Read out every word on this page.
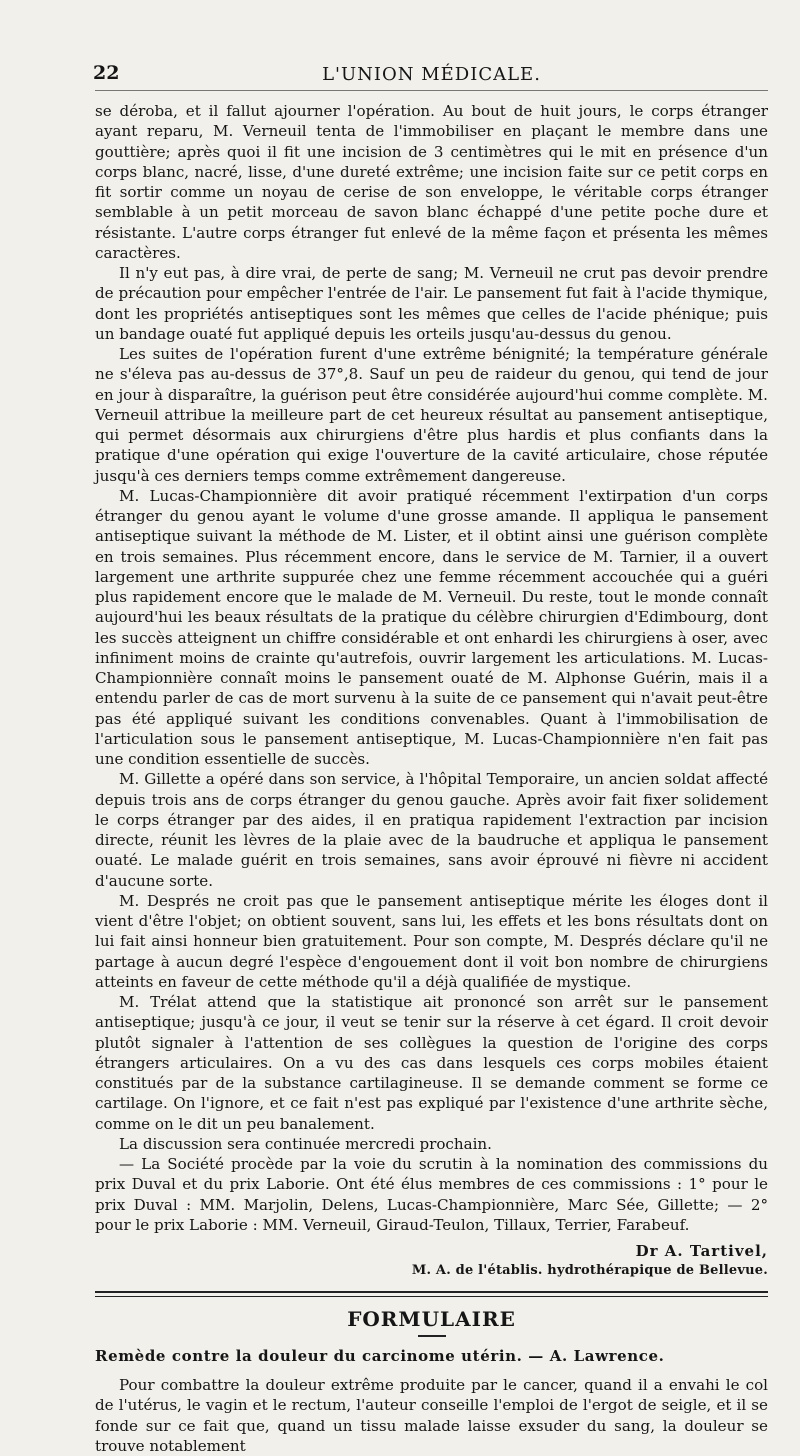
22	L'UNION MÉDICALE.

se déroba, et il fallut ajourner l'opération. Au bout de huit jours, le corps étranger ayant reparu, M. Verneuil tenta de l'immobiliser en plaçant le membre dans une gouttière; après quoi il fit une incision de 3 centimètres qui le mit en présence d'un corps blanc, nacré, lisse, d'une dureté extrême; une incision faite sur ce petit corps en fit sortir comme un noyau de cerise de son enveloppe, le véritable corps étranger semblable à un petit morceau de savon blanc échappé d'une petite poche dure et résistante. L'autre corps étranger fut enlevé de la même façon et présenta les mêmes caractères.

Il n'y eut pas, à dire vrai, de perte de sang; M. Verneuil ne crut pas devoir prendre de précaution pour empêcher l'entrée de l'air. Le pansement fut fait à l'acide thymique, dont les propriétés antiseptiques sont les mêmes que celles de l'acide phénique; puis un bandage ouaté fut appliqué depuis les orteils jusqu'au-dessus du genou.

Les suites de l'opération furent d'une extrême bénignité; la température générale ne s'éleva pas au-dessus de 37°,8. Sauf un peu de raideur du genou, qui tend de jour en jour à disparaître, la guérison peut être considérée aujourd'hui comme complète. M. Verneuil attribue la meilleure part de cet heureux résultat au pansement antiseptique, qui permet désormais aux chirurgiens d'être plus hardis et plus confiants dans la pratique d'une opération qui exige l'ouverture de la cavité articulaire, chose réputée jusqu'à ces derniers temps comme extrêmement dangereuse.

M. Lucas-Championnière dit avoir pratiqué récemment l'extirpation d'un corps étranger du genou ayant le volume d'une grosse amande. Il appliqua le pansement antiseptique suivant la méthode de M. Lister, et il obtint ainsi une guérison complète en trois semaines. Plus récemment encore, dans le service de M. Tarnier, il a ouvert largement une arthrite suppurée chez une femme récemment accouchée qui a guéri plus rapidement encore que le malade de M. Verneuil. Du reste, tout le monde connaît aujourd'hui les beaux résultats de la pratique du célèbre chirurgien d'Edimbourg, dont les succès atteignent un chiffre considérable et ont enhardi les chirurgiens à oser, avec infiniment moins de crainte qu'autrefois, ouvrir largement les articulations. M. Lucas-Championnière connaît moins le pansement ouaté de M. Alphonse Guérin, mais il a entendu parler de cas de mort survenu à la suite de ce pansement qui n'avait peut-être pas été appliqué suivant les conditions convenables. Quant à l'immobilisation de l'articulation sous le pansement antiseptique, M. Lucas-Championnière n'en fait pas une condition essentielle de succès.

M. Gillette a opéré dans son service, à l'hôpital Temporaire, un ancien soldat affecté depuis trois ans de corps étranger du genou gauche. Après avoir fait fixer solidement le corps étranger par des aides, il en pratiqua rapidement l'extraction par incision directe, réunit les lèvres de la plaie avec de la baudruche et appliqua le pansement ouaté. Le malade guérit en trois semaines, sans avoir éprouvé ni fièvre ni accident d'aucune sorte.

M. Després ne croit pas que le pansement antiseptique mérite les éloges dont il vient d'être l'objet; on obtient souvent, sans lui, les effets et les bons résultats dont on lui fait ainsi honneur bien gratuitement. Pour son compte, M. Després déclare qu'il ne partage à aucun degré l'espèce d'engouement dont il voit bon nombre de chirurgiens atteints en faveur de cette méthode qu'il a déjà qualifiée de mystique.

M. Trélat attend que la statistique ait prononcé son arrêt sur le pansement antiseptique; jusqu'à ce jour, il veut se tenir sur la réserve à cet égard. Il croit devoir plutôt signaler à l'attention de ses collègues la question de l'origine des corps étrangers articulaires. On a vu des cas dans lesquels ces corps mobiles étaient constitués par de la substance cartilagineuse. Il se demande comment se forme ce cartilage. On l'ignore, et ce fait n'est pas expliqué par l'existence d'une arthrite sèche, comme on le dit un peu banalement.

La discussion sera continuée mercredi prochain.

— La Société procède par la voie du scrutin à la nomination des commissions du prix Duval et du prix Laborie. Ont été élus membres de ces commissions : 1° pour le prix Duval : MM. Marjolin, Delens, Lucas-Championnière, Marc Sée, Gillette; — 2° pour le prix Laborie : MM. Verneuil, Giraud-Teulon, Tillaux, Terrier, Farabeuf.

Dr A. Tartivel,
M. A. de l'établis. hydrothérapique de Bellevue.
FORMULAIRE
Remède contre la douleur du carcinome utérin. — A. Lawrence.

Pour combattre la douleur extrême produite par le cancer, quand il a envahi le col de l'utérus, le vagin et le rectum, l'auteur conseille l'emploi de l'ergot de seigle, et il se fonde sur ce fait que, quand un tissu malade laisse exsuder du sang, la douleur se trouve notablement
